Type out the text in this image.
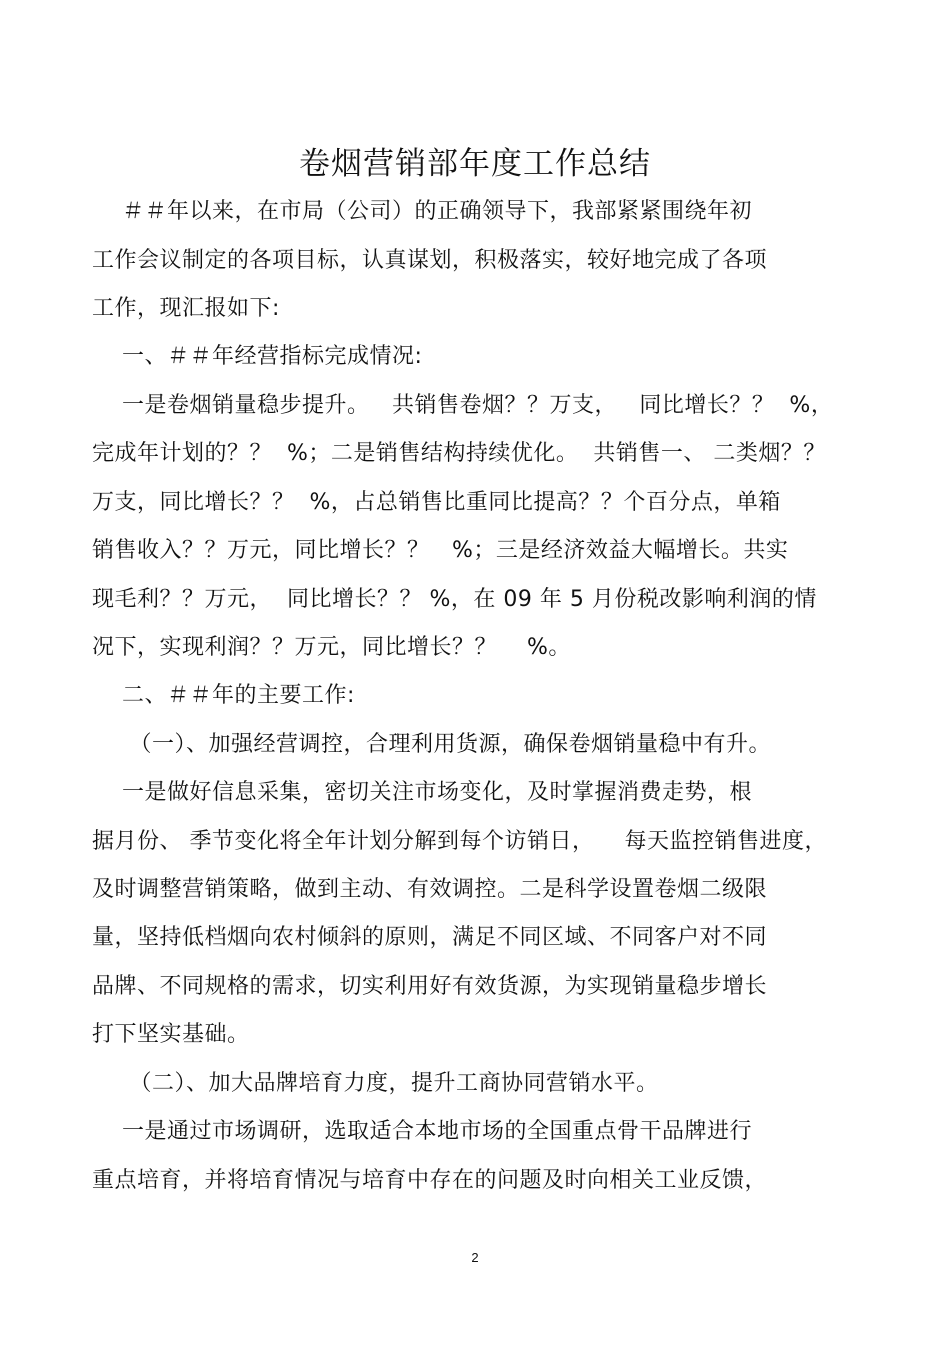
卷烟营销部年度工作总结
＃＃年以来，在市局（公司）的正确领导下，我部紧紧围绕年初
工作会议制定的各项目标，认真谋划，积极落实，较好地完成了各项
工作，现汇报如下:
一、＃＃年经营指标完成情况:
一是卷烟销量稳步提升。   共销售卷烟？？万支，   同比增长？？  %，
完成年计划的？？  %；二是销售结构持续优化。  共销售一、 二类烟？？
万支，同比增长？？  %，占总销售比重同比提高？？个百分点，单箱
销售收入？？万元，同比增长？？   %；三是经济效益大幅增长。共实
现毛利？？万元，  同比增长？？ %，在 09 年 5 月份税改影响利润的情
况下，实现利润？？万元，同比增长？？    %。
二、＃＃年的主要工作:
（一）、加强经营调控，合理利用货源，确保卷烟销量稳中有升。
一是做好信息采集，密切关注市场变化，及时掌握消费走势，根
据月份、 季节变化将全年计划分解到每个访销日，    每天监控销售进度，
及时调整营销策略，做到主动、有效调控。二是科学设置卷烟二级限
量，坚持低档烟向农村倾斜的原则，满足不同区域、不同客户对不同
品牌、不同规格的需求，切实利用好有效货源，为实现销量稳步增长
打下坚实基础。
（二）、加大品牌培育力度，提升工商协同营销水平。
一是通过市场调研，选取适合本地市场的全国重点骨干品牌进行
重点培育，并将培育情况与培育中存在的问题及时向相关工业反馈，
2
